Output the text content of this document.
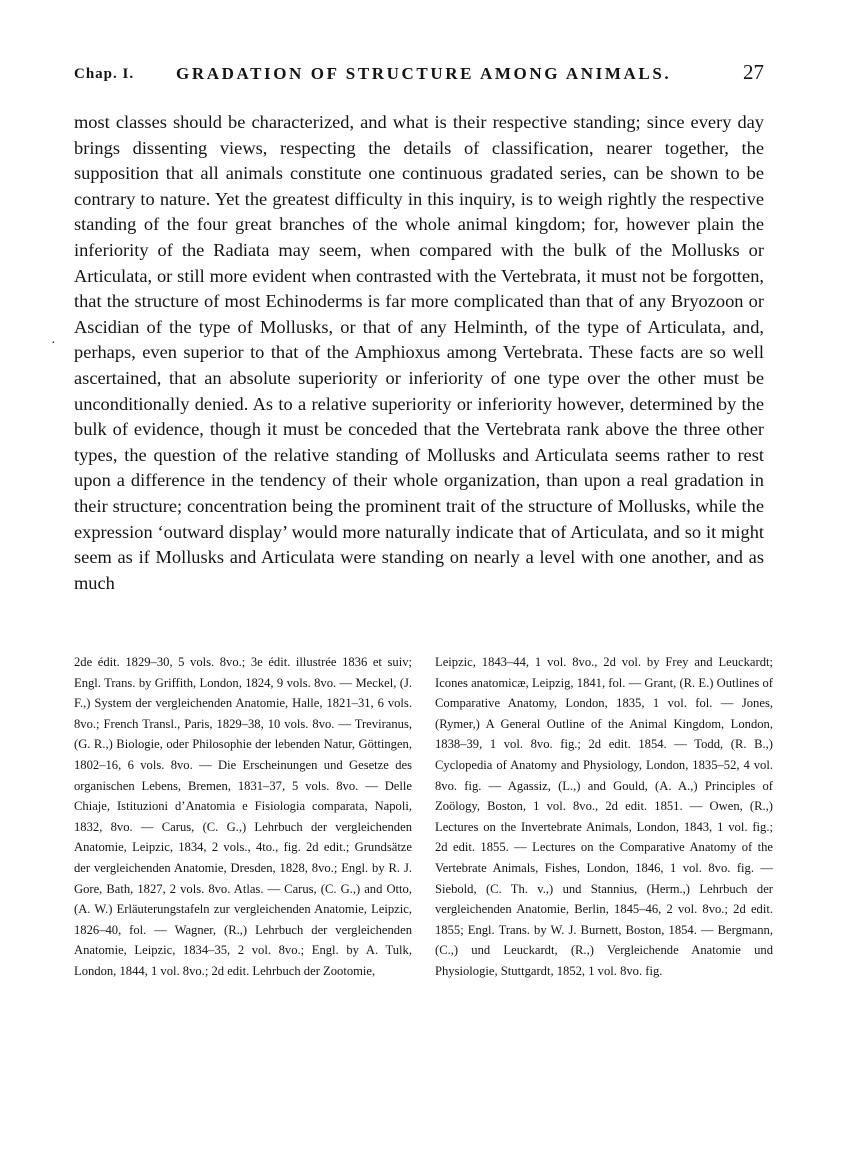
Chap. I. GRADATION OF STRUCTURE AMONG ANIMALS.	27
·

most classes should be characterized, and what is their respective standing; since every day brings dissenting views, respecting the details of classification, nearer together, the supposition that all animals constitute one continuous gradated series, can be shown to be contrary to nature. Yet the greatest difficulty in this inquiry, is to weigh rightly the respective standing of the four great branches of the whole animal kingdom; for, however plain the inferiority of the Radiata may seem, when compared with the bulk of the Mollusks or Articulata, or still more evident when contrasted with the Vertebrata, it must not be forgotten, that the structure of most Echinoderms is far more complicated than that of any Bryozoon or Ascidian of the type of Mollusks, or that of any Helminth, of the type of Articulata, and, perhaps, even superior to that of the Amphioxus among Vertebrata. These facts are so well ascertained, that an absolute superiority or inferiority of one type over the other must be unconditionally denied. As to a relative superiority or inferiority however, determined by the bulk of evidence, though it must be conceded that the Vertebrata rank above the three other types, the question of the relative standing of Mollusks and Articulata seems rather to rest upon a difference in the tendency of their whole organization, than upon a real gradation in their structure; concentration being the prominent trait of the structure of Mollusks, while the expression ‘outward display’ would more naturally indicate that of Articulata, and so it might seem as if Mollusks and Articulata were standing on nearly a level with one another, and as much

2de édit. 1829–30, 5 vols. 8vo.; 3e édit. illustrée 1836 et suiv; Engl. Trans. by Griffith, London, 1824, 9 vols. 8vo. — Meckel, (J. F.,) System der vergleichenden Anatomie, Halle, 1821–31, 6 vols. 8vo.; French Transl., Paris, 1829–38, 10 vols. 8vo. — Treviranus, (G. R.,) Biologie, oder Philosophie der lebenden Natur, Göttingen, 1802–16, 6 vols. 8vo. — Die Erscheinungen und Gesetze des organischen Lebens, Bremen, 1831–37, 5 vols. 8vo. — Delle Chiaje, Istituzioni d’Anatomia e Fisiologia comparata, Napoli, 1832, 8vo. — Carus, (C. G.,) Lehrbuch der vergleichenden Anatomie, Leipzic, 1834, 2 vols., 4to., fig. 2d edit.; Grundsätze der vergleichenden Anatomie, Dresden, 1828, 8vo.; Engl. by R. J. Gore, Bath, 1827, 2 vols. 8vo. Atlas. — Carus, (C. G.,) and Otto, (A. W.) Erläuterungstafeln zur vergleichenden Anatomie, Leipzic, 1826–40, fol. — Wagner, (R.,) Lehrbuch der vergleichenden Anatomie, Leipzic, 1834–35, 2 vol. 8vo.; Engl. by A. Tulk, London, 1844, 1 vol. 8vo.; 2d edit. Lehrbuch der Zootomie,

Leipzic, 1843–44, 1 vol. 8vo., 2d vol. by Frey and Leuckardt; Icones anatomicæ, Leipzig, 1841, fol. — Grant, (R. E.) Outlines of Comparative Anatomy, London, 1835, 1 vol. fol. — Jones, (Rymer,) A General Outline of the Animal Kingdom, London, 1838–39, 1 vol. 8vo. fig.; 2d edit. 1854. — Todd, (R. B.,) Cyclopedia of Anatomy and Physiology, London, 1835–52, 4 vol. 8vo. fig. — Agassiz, (L.,) and Gould, (A. A.,) Principles of Zoölogy, Boston, 1 vol. 8vo., 2d edit. 1851. — Owen, (R.,) Lectures on the Invertebrate Animals, London, 1843, 1 vol. fig.; 2d edit. 1855. — Lectures on the Comparative Anatomy of the Vertebrate Animals, Fishes, London, 1846, 1 vol. 8vo. fig. — Siebold, (C. Th. v.,) und Stannius, (Herm.,) Lehrbuch der vergleichenden Anatomie, Berlin, 1845–46, 2 vol. 8vo.; 2d edit. 1855; Engl. Trans. by W. J. Burnett, Boston, 1854. — Bergmann, (C.,) und Leuckardt, (R.,) Vergleichende Anatomie und Physiologie, Stuttgardt, 1852, 1 vol. 8vo. fig.
